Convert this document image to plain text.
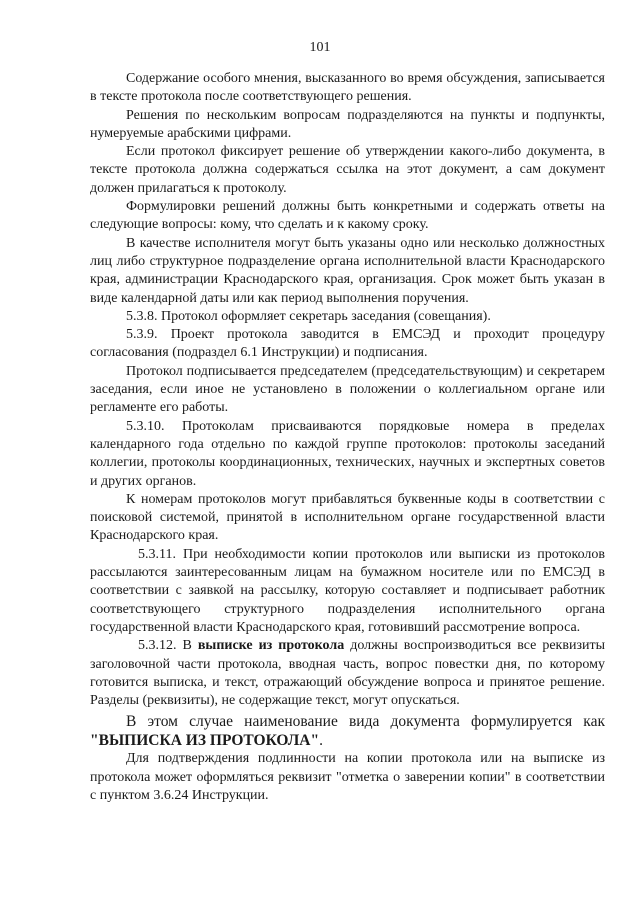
101

Содержание особого мнения, высказанного во время обсуждения, записывается в тексте протокола после соответствующего решения.

Решения по нескольким вопросам подразделяются на пункты и подпункты, нумеруемые арабскими цифрами.

Если протокол фиксирует решение об утверждении какого-либо документа, в тексте протокола должна содержаться ссылка на этот документ, а сам документ должен прилагаться к протоколу.

Формулировки решений должны быть конкретными и содержать ответы на следующие вопросы: кому, что сделать и к какому сроку.

В качестве исполнителя могут быть указаны одно или несколько должностных лиц либо структурное подразделение органа исполнительной власти Краснодарского края, администрации Краснодарского края, организация. Срок может быть указан в виде календарной даты или как период выполнения поручения.

5.3.8. Протокол оформляет секретарь заседания (совещания).

5.3.9. Проект протокола заводится в ЕМСЭД и проходит процедуру согласования (подраздел 6.1 Инструкции) и подписания.

Протокол подписывается председателем (председательствующим) и секретарем заседания, если иное не установлено в положении о коллегиальном органе или регламенте его работы.

5.3.10. Протоколам присваиваются порядковые номера в пределах календарного года отдельно по каждой группе протоколов: протоколы заседаний коллегии, протоколы координационных, технических, научных и экспертных советов и других органов.

К номерам протоколов могут прибавляться буквенные коды в соответствии с поисковой системой, принятой в исполнительном органе государственной власти Краснодарского края.

5.3.11. При необходимости копии протоколов или выписки из протоколов рассылаются заинтересованным лицам на бумажном носителе или по ЕМСЭД в соответствии с заявкой на рассылку, которую составляет и подписывает работник соответствующего структурного подразделения исполнительного органа государственной власти Краснодарского края, готовивший рассмотрение вопроса.

5.3.12. В выписке из протокола должны воспроизводиться все реквизиты заголовочной части протокола, вводная часть, вопрос повестки дня, по которому готовится выписка, и текст, отражающий обсуждение вопроса и принятое решение. Разделы (реквизиты), не содержащие текст, могут опускаться.

В этом случае наименование вида документа формулируется как "ВЫПИСКА ИЗ ПРОТОКОЛА".

Для подтверждения подлинности на копии протокола или на выписке из протокола может оформляться реквизит "отметка о заверении копии" в соответствии с пунктом 3.6.24 Инструкции.
